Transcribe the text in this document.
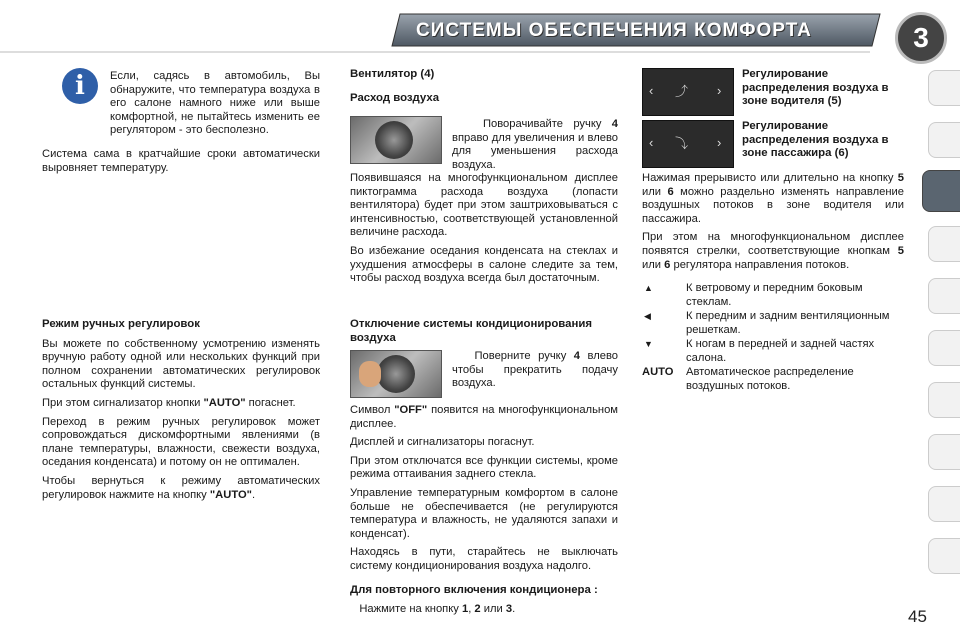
СИСТЕМЫ ОБЕСПЕЧЕНИЯ КОМФОРТА	3
i	Если, садясь в автомобиль, Вы обнаружите, что температура воздуха в его салоне намного ниже или выше комфортной, не пытайтесь изменить ее регулятором - это бесполезно.

Система сама в кратчайшие сроки автоматически выровняет температуру.

Режим ручных регулировок

Вы можете по собственному усмотрению изменять вручную работу одной или нескольких функций при полном сохранении автоматических регулировок остальных функций системы.

При этом сигнализатор кнопки "AUTO" погаснет.

Переход в режим ручных регулировок может сопровождаться дискомфортными явлениями (в плане температуры, влажности, свежести воздуха, оседания конденсата) и потому он не оптимален.

Чтобы вернуться к режиму автоматических регулировок нажмите на кнопку "AUTO".

Вентилятор (4)
Расход воздуха

Поворачивайте ручку 4 вправо для увеличения и влево для уменьшения расхода воздуха.

Появившаяся на многофункциональном дисплее пиктограмма расхода воздуха (лопасти вентилятора) будет при этом заштриховываться с интенсивностью, соответствующей установленной величине расхода.

Во избежание оседания конденсата на стеклах и ухудшения атмосферы в салоне следите за тем, чтобы расход воздуха всегда был достаточным.

Отключение системы кондиционирования воздуха

Поверните ручку 4 влево чтобы прекратить подачу воздуха.

Символ "OFF" появится на многофункциональном дисплее.

Дисплей и сигнализаторы погаснут.

При этом отключатся все функции системы, кроме режима оттаивания заднего стекла.

Управление температурным комфортом в салоне больше не обеспечивается (не регулируются температура и влажность, не удаляются запахи и конденсат).

Находясь в пути, старайтесь не выключать систему кондиционирования воздуха надолго.

Для повторного включения кондиционера :

Нажмите на кнопку 1, 2 или 3.

‹ ⤴ ›
Регулирование распределения воздуха в зоне водителя (5)
‹ ⤵ ›
Регулирование распределения воздуха в зоне пассажира (6)

Нажимая прерывисто или длительно на кнопку 5 или 6 можно раздельно изменять направление воздушных потоков в зоне водителя или пассажира.

При этом на многофункциональном дисплее появятся стрелки, соответствующие кнопкам 5 или 6 регулятора направления потоков.

▲	К ветровому и передним боковым стеклам.
◀	К передним и задним вентиляционным решеткам.
▼	К ногам в передней и задней частях салона.
AUTO Автоматическое распределение воздушных потоков.
45
